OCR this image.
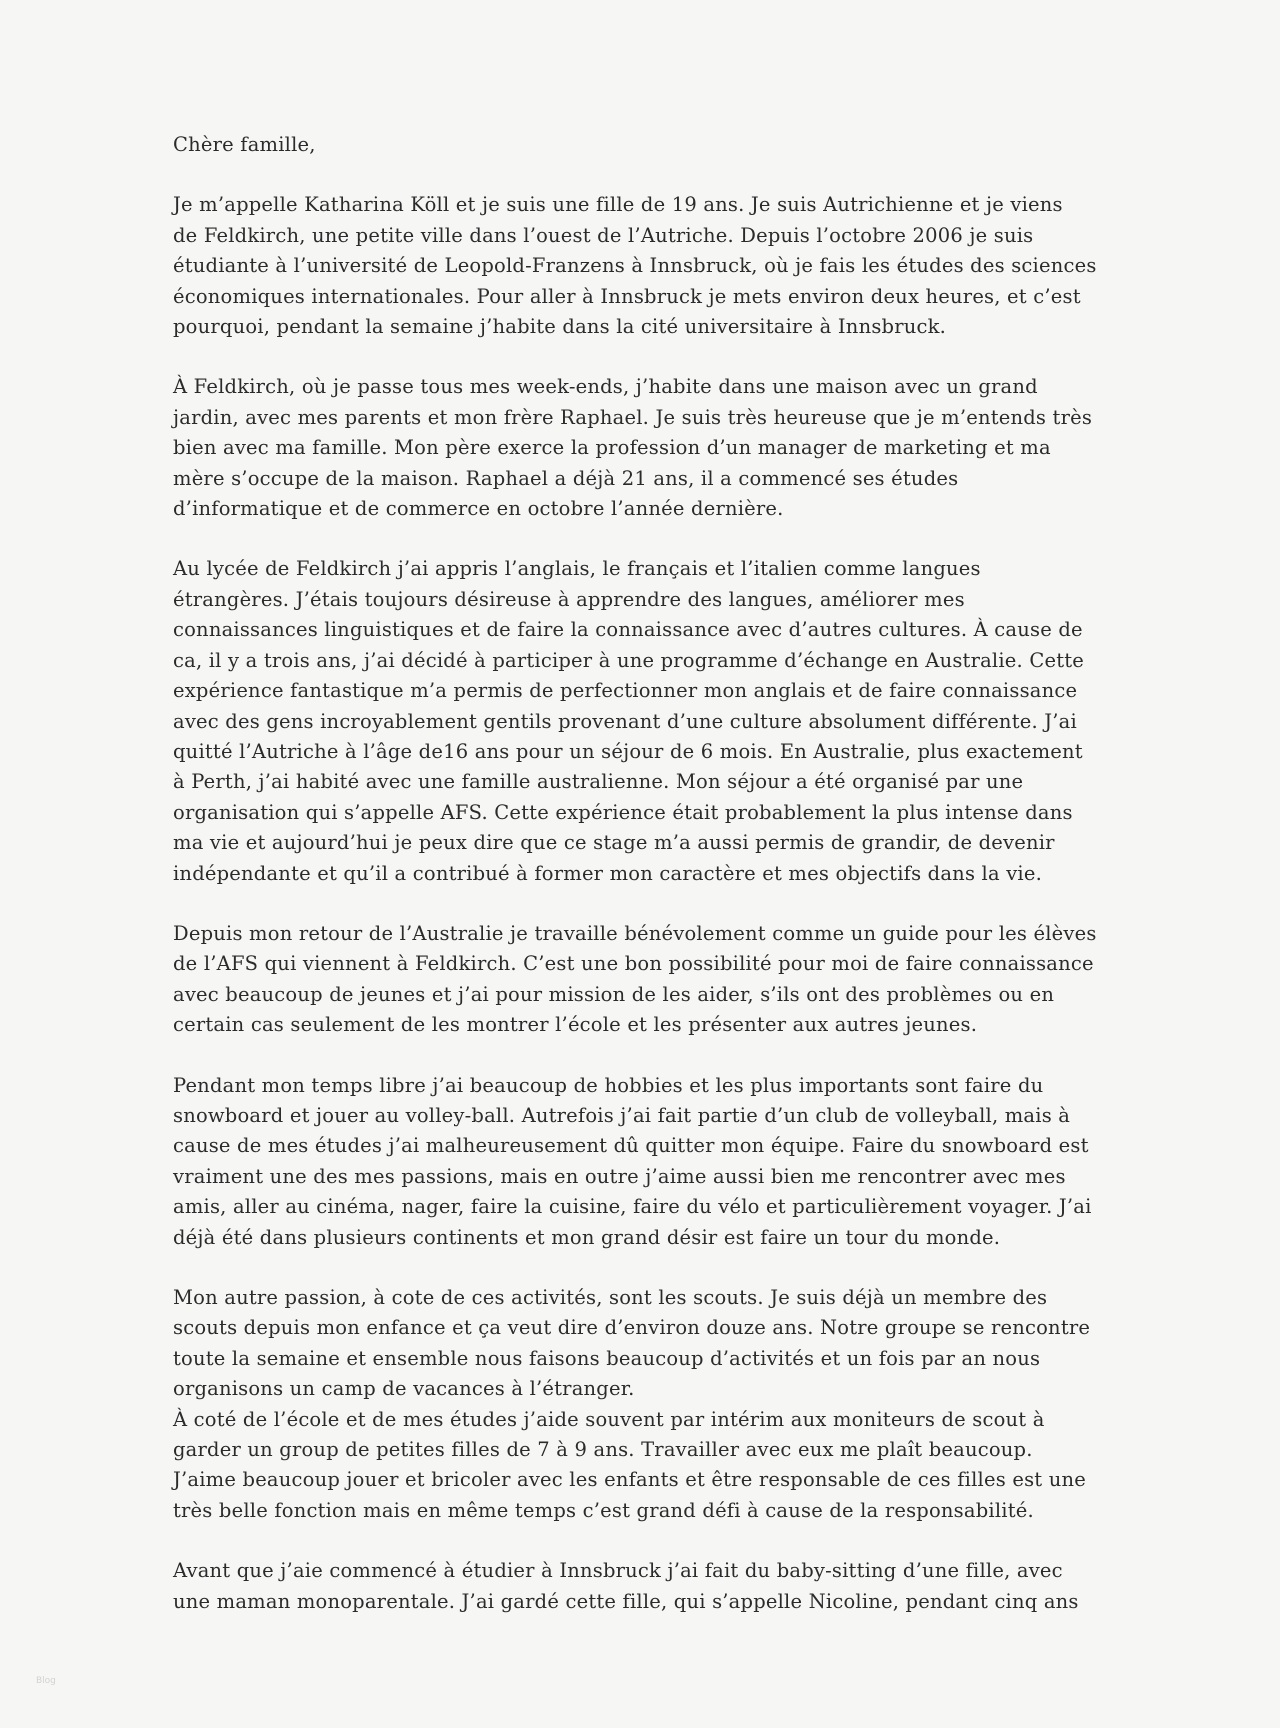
Chère famille,
Je m’appelle Katharina Köll et je suis une fille de 19 ans. Je suis Autrichienne et je viens
de Feldkirch, une petite ville dans l’ouest de l’Autriche. Depuis l’octobre 2006 je suis
étudiante à l’université de Leopold-Franzens à Innsbruck, où je fais les études des sciences
économiques internationales. Pour aller à Innsbruck je mets environ deux heures, et c’est
pourquoi, pendant la semaine j’habite dans la cité universitaire à Innsbruck.
À Feldkirch, où je passe tous mes week-ends, j’habite dans une maison avec un grand
jardin, avec mes parents et mon frère Raphael. Je suis très heureuse que je m’entends très
bien avec ma famille. Mon père exerce la profession d’un manager de marketing et ma
mère s’occupe de la maison. Raphael a déjà 21 ans, il a commencé ses études
d’informatique et de commerce en octobre l’année dernière.
Au lycée de Feldkirch j’ai appris l’anglais, le français et l’italien comme langues
étrangères. J’étais toujours désireuse à apprendre des langues, améliorer mes
connaissances linguistiques et de faire la connaissance avec d’autres cultures. À cause de
ca, il y a trois ans, j’ai décidé à participer à une programme d’échange en Australie. Cette
expérience fantastique m’a permis de perfectionner mon anglais et de faire connaissance
avec des gens incroyablement gentils provenant d’une culture absolument différente. J’ai
quitté l’Autriche à l’âge de16 ans pour un séjour de 6 mois. En Australie, plus exactement
à Perth, j’ai habité avec une famille australienne. Mon séjour a été organisé par une
organisation qui s’appelle AFS. Cette expérience était probablement la plus intense dans
ma vie et aujourd’hui je peux dire que ce stage m’a aussi permis de grandir, de devenir
indépendante et qu’il a contribué à former mon caractère et mes objectifs dans la vie.
Depuis mon retour de l’Australie je travaille bénévolement comme un guide pour les élèves
de l’AFS qui viennent à Feldkirch. C’est une bon possibilité pour moi de faire connaissance
avec beaucoup de jeunes et j’ai pour mission de les aider, s’ils ont des problèmes ou en
certain cas seulement de les montrer l’école et les présenter aux autres jeunes.
Pendant mon temps libre j’ai beaucoup de hobbies et les plus importants sont faire du
snowboard et jouer au volley-ball. Autrefois j’ai fait partie d’un club de volleyball, mais à
cause de mes études j’ai malheureusement dû quitter mon équipe. Faire du snowboard est
vraiment une des mes passions, mais en outre j’aime aussi bien me rencontrer avec mes
amis, aller au cinéma, nager, faire la cuisine, faire du vélo et particulièrement voyager. J’ai
déjà été dans plusieurs continents et mon grand désir est faire un tour du monde.
Mon autre passion, à cote de ces activités, sont les scouts. Je suis déjà un membre des
scouts depuis mon enfance et ça veut dire d’environ douze ans. Notre groupe se rencontre
toute la semaine et ensemble nous faisons beaucoup d’activités et un fois par an nous
organisons un camp de vacances à l’étranger.
À coté de l’école et de mes études j’aide souvent par intérim aux moniteurs de scout à
garder un group de petites filles de 7 à 9 ans. Travailler avec eux me plaît beaucoup.
J’aime beaucoup jouer et bricoler avec les enfants et être responsable de ces filles est une
très belle fonction mais en même temps c’est grand défi à cause de la responsabilité.
Avant que j’aie commencé à étudier à Innsbruck j’ai fait du baby-sitting d’une fille, avec
une maman monoparentale. J’ai gardé cette fille, qui s’appelle Nicoline, pendant cinq ans
Blog
